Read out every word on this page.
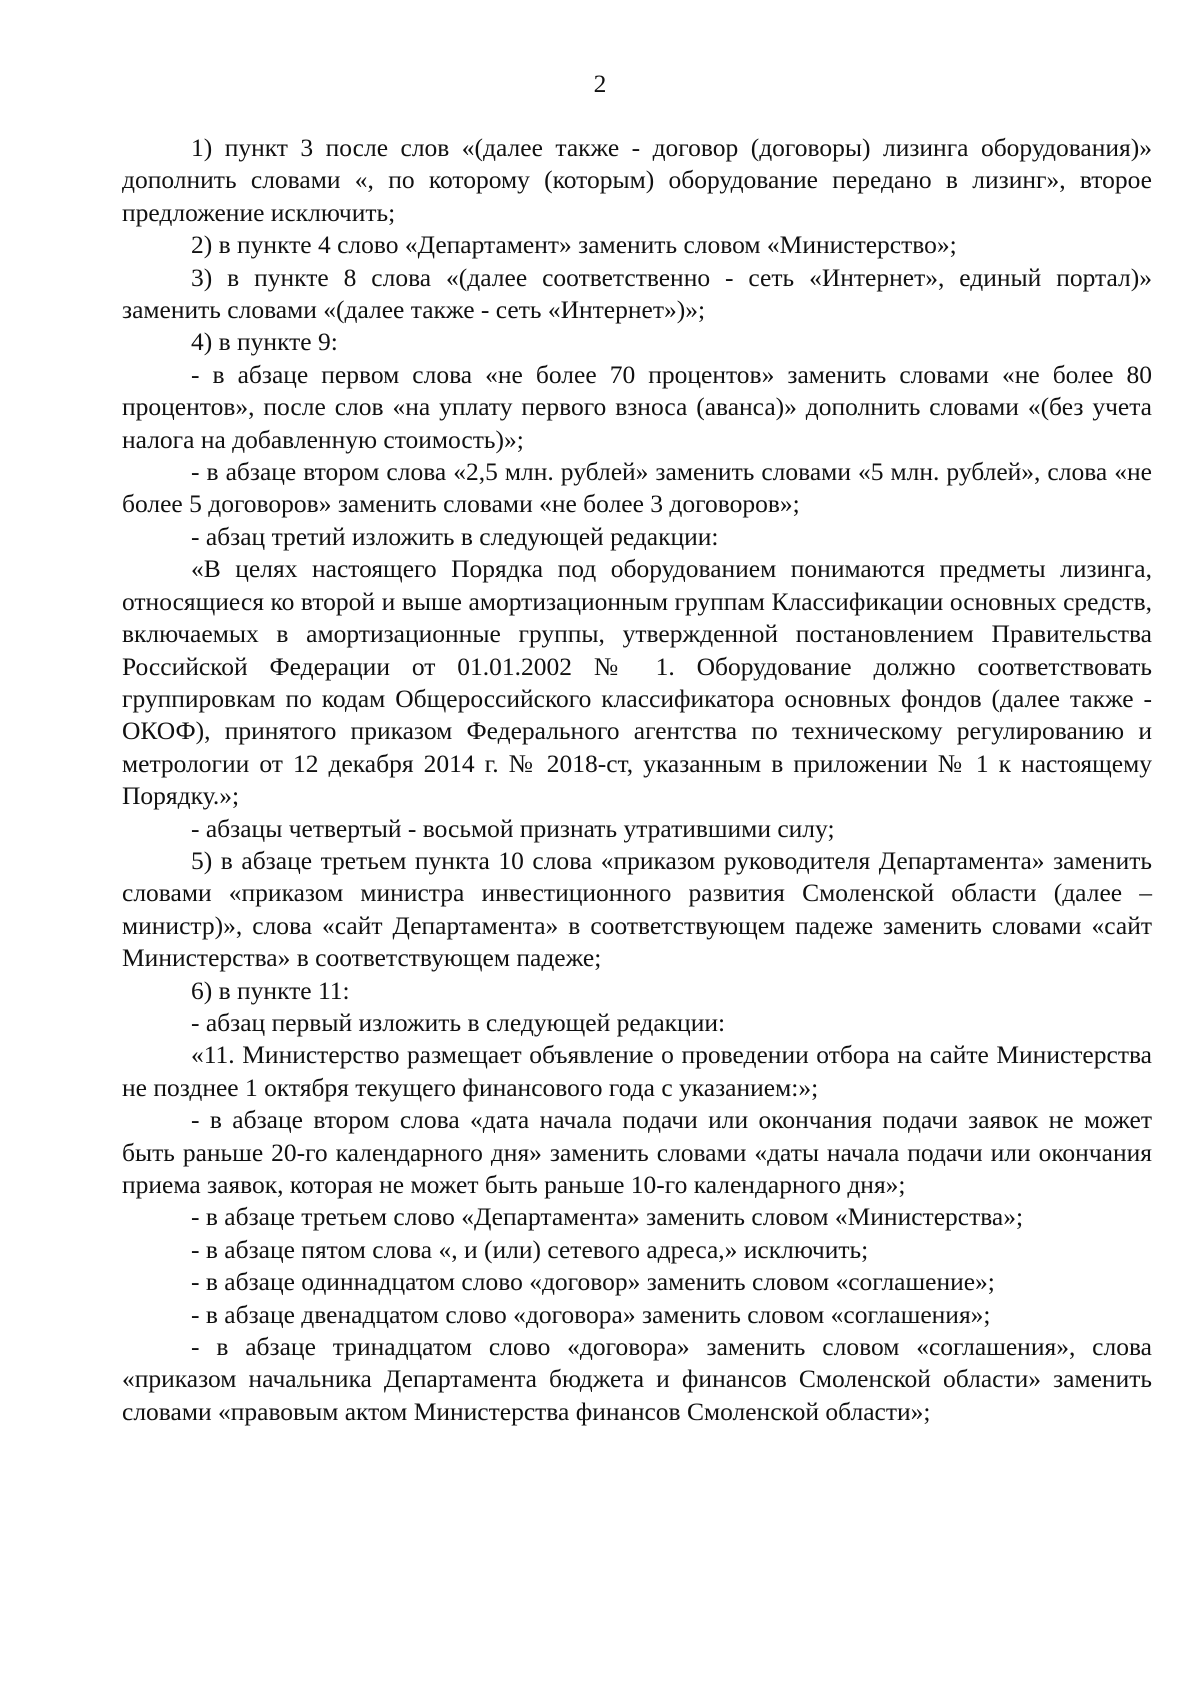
2

1) пункт 3 после слов «(далее также - договор (договоры) лизинга оборудования)» дополнить словами «, по которому (которым) оборудование передано в лизинг», второе предложение исключить;

2) в пункте 4 слово «Департамент» заменить словом «Министерство»;

3) в пункте 8 слова «(далее соответственно - сеть «Интернет», единый портал)» заменить словами «(далее также - сеть «Интернет»)»;

4) в пункте 9:

- в абзаце первом слова «не более 70 процентов» заменить словами «не более 80 процентов», после слов «на уплату первого взноса (аванса)» дополнить словами «(без учета налога на добавленную стоимость)»;

- в абзаце втором слова «2,5 млн. рублей» заменить словами «5 млн. рублей», слова «не более 5 договоров» заменить словами «не более 3 договоров»;

- абзац третий изложить в следующей редакции:

«В целях настоящего Порядка под оборудованием понимаются предметы лизинга, относящиеся ко второй и выше амортизационным группам Классификации основных средств, включаемых в амортизационные группы, утвержденной постановлением Правительства Российской Федерации от 01.01.2002 № 1. Оборудование должно соответствовать группировкам по кодам Общероссийского классификатора основных фондов (далее также - ОКОФ), принятого приказом Федерального агентства по техническому регулированию и метрологии от 12 декабря 2014 г. № 2018-ст, указанным в приложении № 1 к настоящему Порядку.»;

- абзацы четвертый - восьмой признать утратившими силу;

5) в абзаце третьем пункта 10 слова «приказом руководителя Департамента» заменить словами «приказом министра инвестиционного развития Смоленской области (далее – министр)», слова «сайт Департамента» в соответствующем падеже заменить словами «сайт Министерства» в соответствующем падеже;

6) в пункте 11:

- абзац первый изложить в следующей редакции:

«11. Министерство размещает объявление о проведении отбора на сайте Министерства не позднее 1 октября текущего финансового года с указанием:»;

- в абзаце втором слова «дата начала подачи или окончания подачи заявок не может быть раньше 20-го календарного дня» заменить словами «даты начала подачи или окончания приема заявок, которая не может быть раньше 10-го календарного дня»;

- в абзаце третьем слово «Департамента» заменить словом «Министерства»;

- в абзаце пятом слова «, и (или) сетевого адреса,» исключить;

- в абзаце одиннадцатом слово «договор» заменить словом «соглашение»;

- в абзаце двенадцатом слово «договора» заменить словом «соглашения»;

- в абзаце тринадцатом слово «договора» заменить словом «соглашения», слова «приказом начальника Департамента бюджета и финансов Смоленской области» заменить словами «правовым актом Министерства финансов Смоленской области»;
